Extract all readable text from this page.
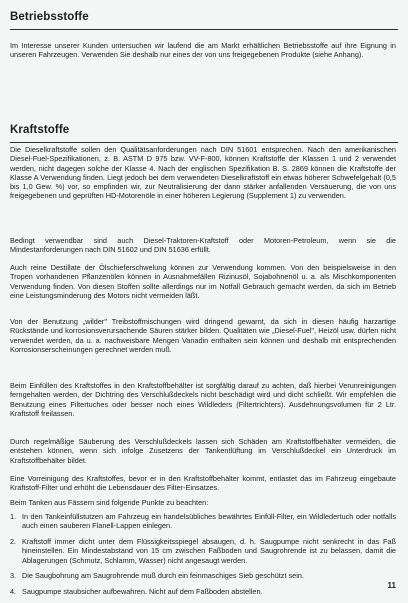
Betriebsstoffe

Im Interesse unserer Kunden untersuchen wir laufend die am Markt erhältlichen Betriebsstoffe auf ihre Eignung in unseren Fahrzeugen. Verwenden Sie deshalb nur eines der von uns freigegebenen Produkte (siehe Anhang).

Kraftstoffe

Die Dieselkraftstoffe sollen den Qualitätsanforderungen nach DIN 51601 entsprechen. Nach den amerikanischen Diesel-Fuel-Spezifikationen, z. B. ASTM D 975 bzw. VV-F-800, können Kraftstoffe der Klassen 1 und 2 verwendet werden, nicht dagegen solche der Klasse 4. Nach der englischen Spezifikation B. S. 2869 können die Kraftstoffe der Klasse A Verwendung finden. Liegt jedoch bei dem verwendeten Dieselkraftstoff ein etwas höherer Schwefelgehalt (0,5 bis 1,0 Gew. %) vor, so empfinden wir, zur Neutralisierung der dann stärker anfallenden Versäuerung, die von uns freigegebenen und geprüften HD-Motorenöle in einer höheren Legierung (Supplement 1) zu verwenden.

Bedingt verwendbar sind auch Diesel-Traktoren-Kraftstoff oder Motoren-Petroleum, wenn sie die Mindestanforderungen nach DIN 51602 und DIN 51636 erfüllt.

Auch reine Destillate der Ölschieferschwelung können zur Verwendung kommen. Von den beispielsweise in den Tropen vorhandenen Pflanzenölen können in Ausnahmefällen Rizinusöl, Sojabohnenöl u. a. als Mischkomponenten Verwendung finden. Von diesen Stoffen sollte allerdings nur im Notfall Gebrauch gemacht werden, da sich im Betrieb eine Leistungsminderung des Motors nicht vermeiden läßt.

Von der Benutzung „wilder" Treibstoffmischungen wird dringend gewarnt, da sich in diesen häufig harzartige Rückstände und korrosionsverursachende Säuren stärker bilden. Qualitäten wie „Diesel-Fuel", Heizöl usw. dürfen nicht verwendet werden, da u. a. nachweisbare Mengen Vanadin enthalten sein können und deshalb mit entsprechenden Korrosionserscheinungen gerechnet werden muß.

Beim Einfüllen des Kraftstoffes in den Kraftstoffbehälter ist sorgfältig darauf zu achten, daß hierbei Verunreinigungen ferngehalten werden, der Dichtring des Verschlußdeckels nicht beschädigt wird und dicht schließt. Wir empfehlen die Benutzung eines Filtertuches oder besser noch eines Wildleders (Filtertrichters). Ausdehnungsvolumen für 2 Ltr. Kraftstoff freilassen.

Durch regelmäßige Säuberung des Verschlußdeckels lassen sich Schäden am Kraftstoffbehälter vermeiden, die entstehen können, wenn sich infolge Zusetzens der Tankentlüftung im Verschlußdeckel ein Unterdruck im Kraftstoffbehälter bildet.

Eine Vorreinigung des Kraftstoffes, bevor er in den Kraftstoffbehälter kommt, entlastet das im Fahrzeug eingebaute Kraftstoff-Filter und erhöht die Lebensdauer des Filter-Einsatzes.

Beim Tanken aus Fässern sind folgende Punkte zu beachten:

1. In den Tankeinfüllstutzen am Fahrzeug ein handelsübliches bewährtes Einfüll-Filter, ein Wildledertuch oder notfalls auch einen sauberen Flanell-Lappen einlegen.
2. Kraftstoff immer dicht unter dem Flüssigkeitsspiegel absaugen, d. h. Saugpumpe nicht senkrecht in das Faß hineinstellen. Ein Mindestabstand von 15 cm zwischen Faßboden und Saugrohrende ist zu belassen, damit die Ablagerungen (Schmutz, Schlamm, Wasser) nicht angesaugt werden.
3. Die Saugbohrung am Saugrohrende muß durch ein feinmaschiges Sieb geschützt sein.
4. Saugpumpe staubsicher aufbewahren. Nicht auf dem Faßboden abstellen.
11
